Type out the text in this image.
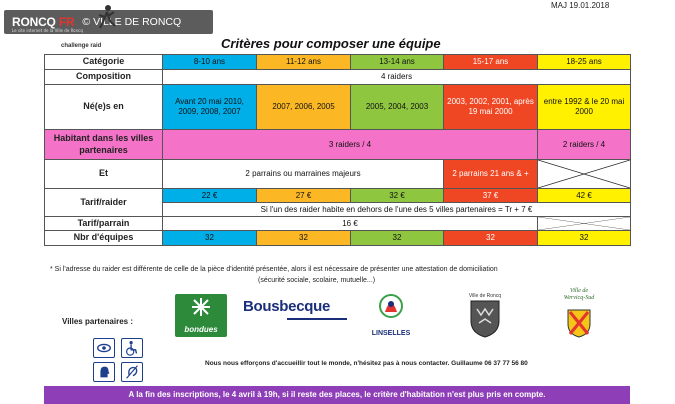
RONCQ FR © VILLE DE RONCQ
Le site internet de la Ville de Roncq
challenge raid
MAJ 19.01.2018
Critères pour composer une équipe
Catégorie	8-10 ans	11-12 ans	13-14 ans	15-17 ans	18-25 ans
Composition	4 raiders				
Né(e)s en	Avant 20 mai 2010, 2009, 2008, 2007	2007, 2006, 2005	2005, 2004, 2003	2003, 2002, 2001, après 19 mai 2000	entre 1992 & le 20 mai 2000
Habitant dans les villes partenaires	3 raiders / 4				2 raiders / 4
Et	2 parrains ou marraines majeurs			2 parrains 21 ans & +	

Tarif/raider	22 €	27 €	32 €	37 €	42 €
	Si l'un des raider habite en dehors de l'une des 5 villes partenaires = Tr + 7 €				
Tarif/parrain	16 €	

Nbr d'équipes	32	32	32	32	32
* Si l'adresse du raider est différente de celle de la pièce d'identité présentée, alors il est nécessaire de présenter une attestation de domiciliation
(sécurité sociale, scolaire, mutuelle...)
Villes partenaires :
bondues
Bousbecque
LINSELLES
Ville de Roncq
Ville de
Wervicq-Sud
Nous nous efforçons d'accueillir tout le monde, n'hésitez pas à nous contacter. Guillaume 06 37 77 56 80
A la fin des inscriptions, le 4 avril à 19h, si il reste des places, le critère d'habitation n'est plus pris en compte.
